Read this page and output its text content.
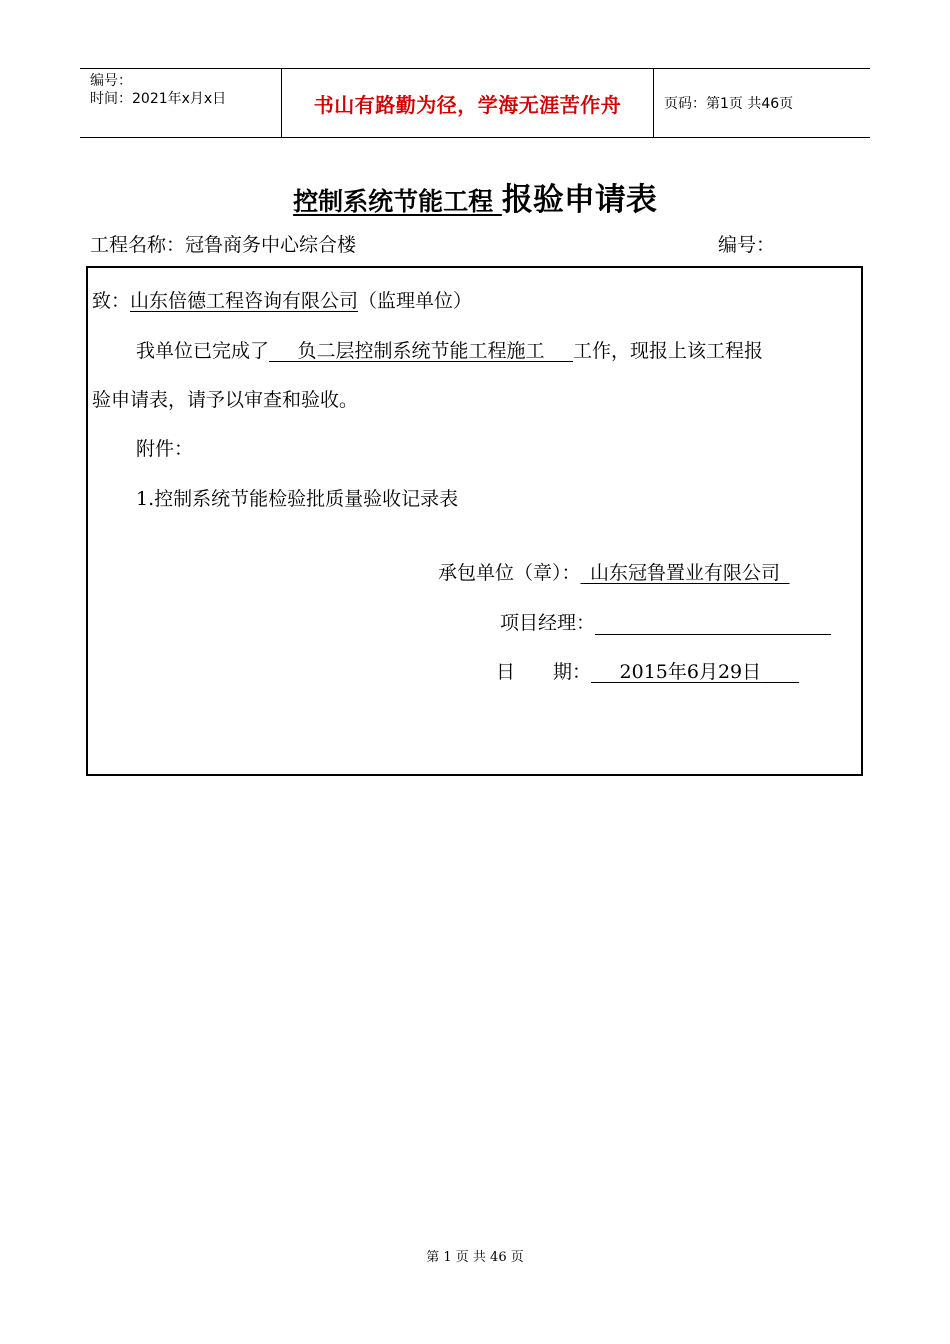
编号：
时间：2021年x月x日	书山有路勤为径，学海无涯苦作舟	页码：第1页 共46页
控制系统节能工程 报验申请表
工程名称：冠鲁商务中心综合楼	编号：
致：山东倍德工程咨询有限公司（监理单位）
我单位已完成了   负二层控制系统节能工程施工   工作，现报上该工程报
验申请表，请予以审查和验收。
附件：
1.控制系统节能检验批质量验收记录表
承包单位（章）：  山东冠鲁置业有限公司 
项目经理：
日　　期：   2015年6月29日  
第 1 页 共 46 页
